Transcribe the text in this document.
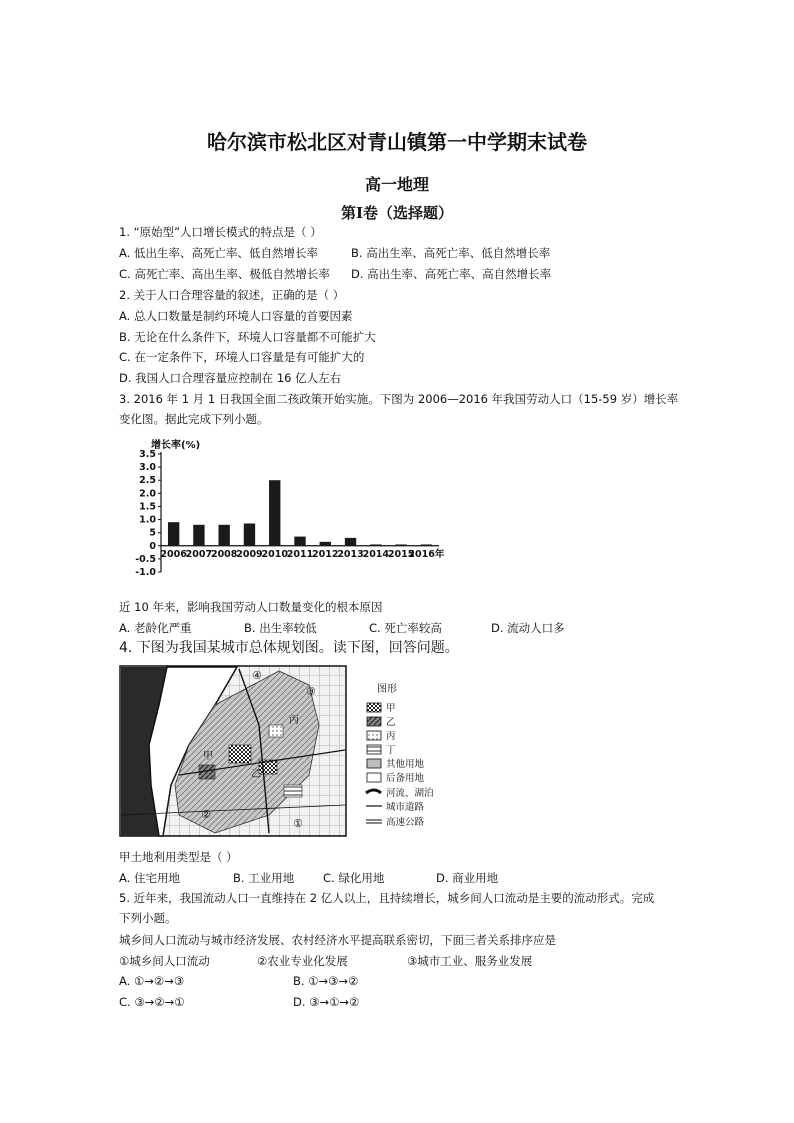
哈尔滨市松北区对青山镇第一中学期末试卷
高一地理
第Ⅰ卷（选择题）
1. “原始型”人口增长模式的特点是（ ）
A. 低出生率、高死亡率、低自然增长率	B. 高出生率、高死亡率、低自然增长率
C. 高死亡率、高出生率、极低自然增长率 D. 高出生率、高死亡率、高自然增长率
2. 关于人口合理容量的叙述，正确的是（ ）
A. 总人口数量是制约环境人口容量的首要因素
B. 无论在什么条件下，环境人口容量都不可能扩大
C. 在一定条件下，环境人口容量是有可能扩大的
D. 我国人口合理容量应控制在 16 亿人左右
3. 2016 年 1 月 1 日我国全面二孩政策开始实施。下图为 2006—2016 年我国劳动人口（15-59 岁）增长率
变化图。据此完成下列小题。
增长率(%)
3.5
3.0
2.5
2.0
1.5
1.0
5
0
-0.5
-1.0
2006
2007
2008
2009
2010
2011
2012
2013
2014
2015
2016年
近 10 年来，影响我国劳动人口数量变化的根本原因
A. 老龄化严重	B. 出生率较低	C. 死亡率较高	D. 流动人口多
4. 下图为我国某城市总体规划图。读下图，回答问题。
甲
乙
丙
④
③
②
①
图形
甲
乙
丙
丁
其他用地
后备用地
河流、湖泊
城市道路
高速公路
甲土地利用类型是（ ）
A. 住宅用地	B. 工业用地	C. 绿化用地	D. 商业用地
5. 近年来，我国流动人口一直维持在 2 亿人以上，且持续增长，城乡间人口流动是主要的流动形式。完成
下列小题。
城乡间人口流动与城市经济发展、农村经济水平提高联系密切，下面三者关系排序应是
①城乡间人口流动	②农业专业化发展	③城市工业、服务业发展
A. ①→②→③	B. ①→③→②
C. ③→②→①	D. ③→①→②
